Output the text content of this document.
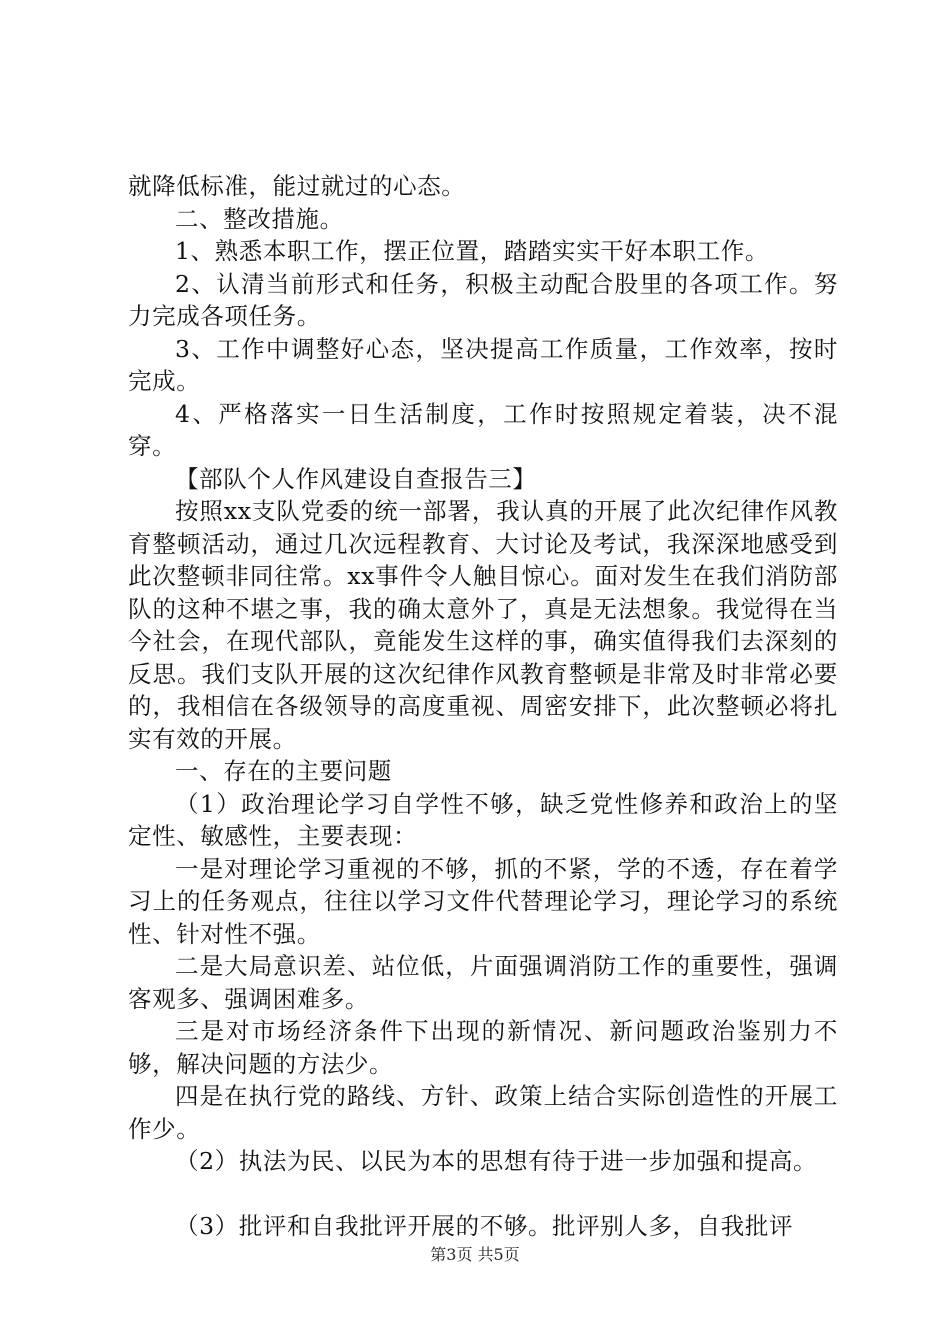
就降低标准，能过就过的心态。

二、整改措施。

1、熟悉本职工作，摆正位置，踏踏实实干好本职工作。

2、认清当前形式和任务，积极主动配合股里的各项工作。努力完成各项任务。

3、工作中调整好心态，坚决提高工作质量，工作效率，按时完成。

4、严格落实一日生活制度，工作时按照规定着装，决不混穿。

【部队个人作风建设自查报告三】

按照xx支队党委的统一部署，我认真的开展了此次纪律作风教育整顿活动，通过几次远程教育、大讨论及考试，我深深地感受到此次整顿非同往常。xx事件令人触目惊心。面对发生在我们消防部队的这种不堪之事，我的确太意外了，真是无法想象。我觉得在当今社会，在现代部队，竟能发生这样的事，确实值得我们去深刻的反思。我们支队开展的这次纪律作风教育整顿是非常及时非常必要的，我相信在各级领导的高度重视、周密安排下，此次整顿必将扎实有效的开展。

一、存在的主要问题

（1）政治理论学习自学性不够，缺乏党性修养和政治上的坚定性、敏感性，主要表现：

一是对理论学习重视的不够，抓的不紧，学的不透，存在着学习上的任务观点，往往以学习文件代替理论学习，理论学习的系统性、针对性不强。

二是大局意识差、站位低，片面强调消防工作的重要性，强调客观多、强调困难多。

三是对市场经济条件下出现的新情况、新问题政治鉴别力不够，解决问题的方法少。

四是在执行党的路线、方针、政策上结合实际创造性的开展工作少。

（2）执法为民、以民为本的思想有待于进一步加强和提高。

（3）批评和自我批评开展的不够。批评别人多，自我批评

第3页 共5页
